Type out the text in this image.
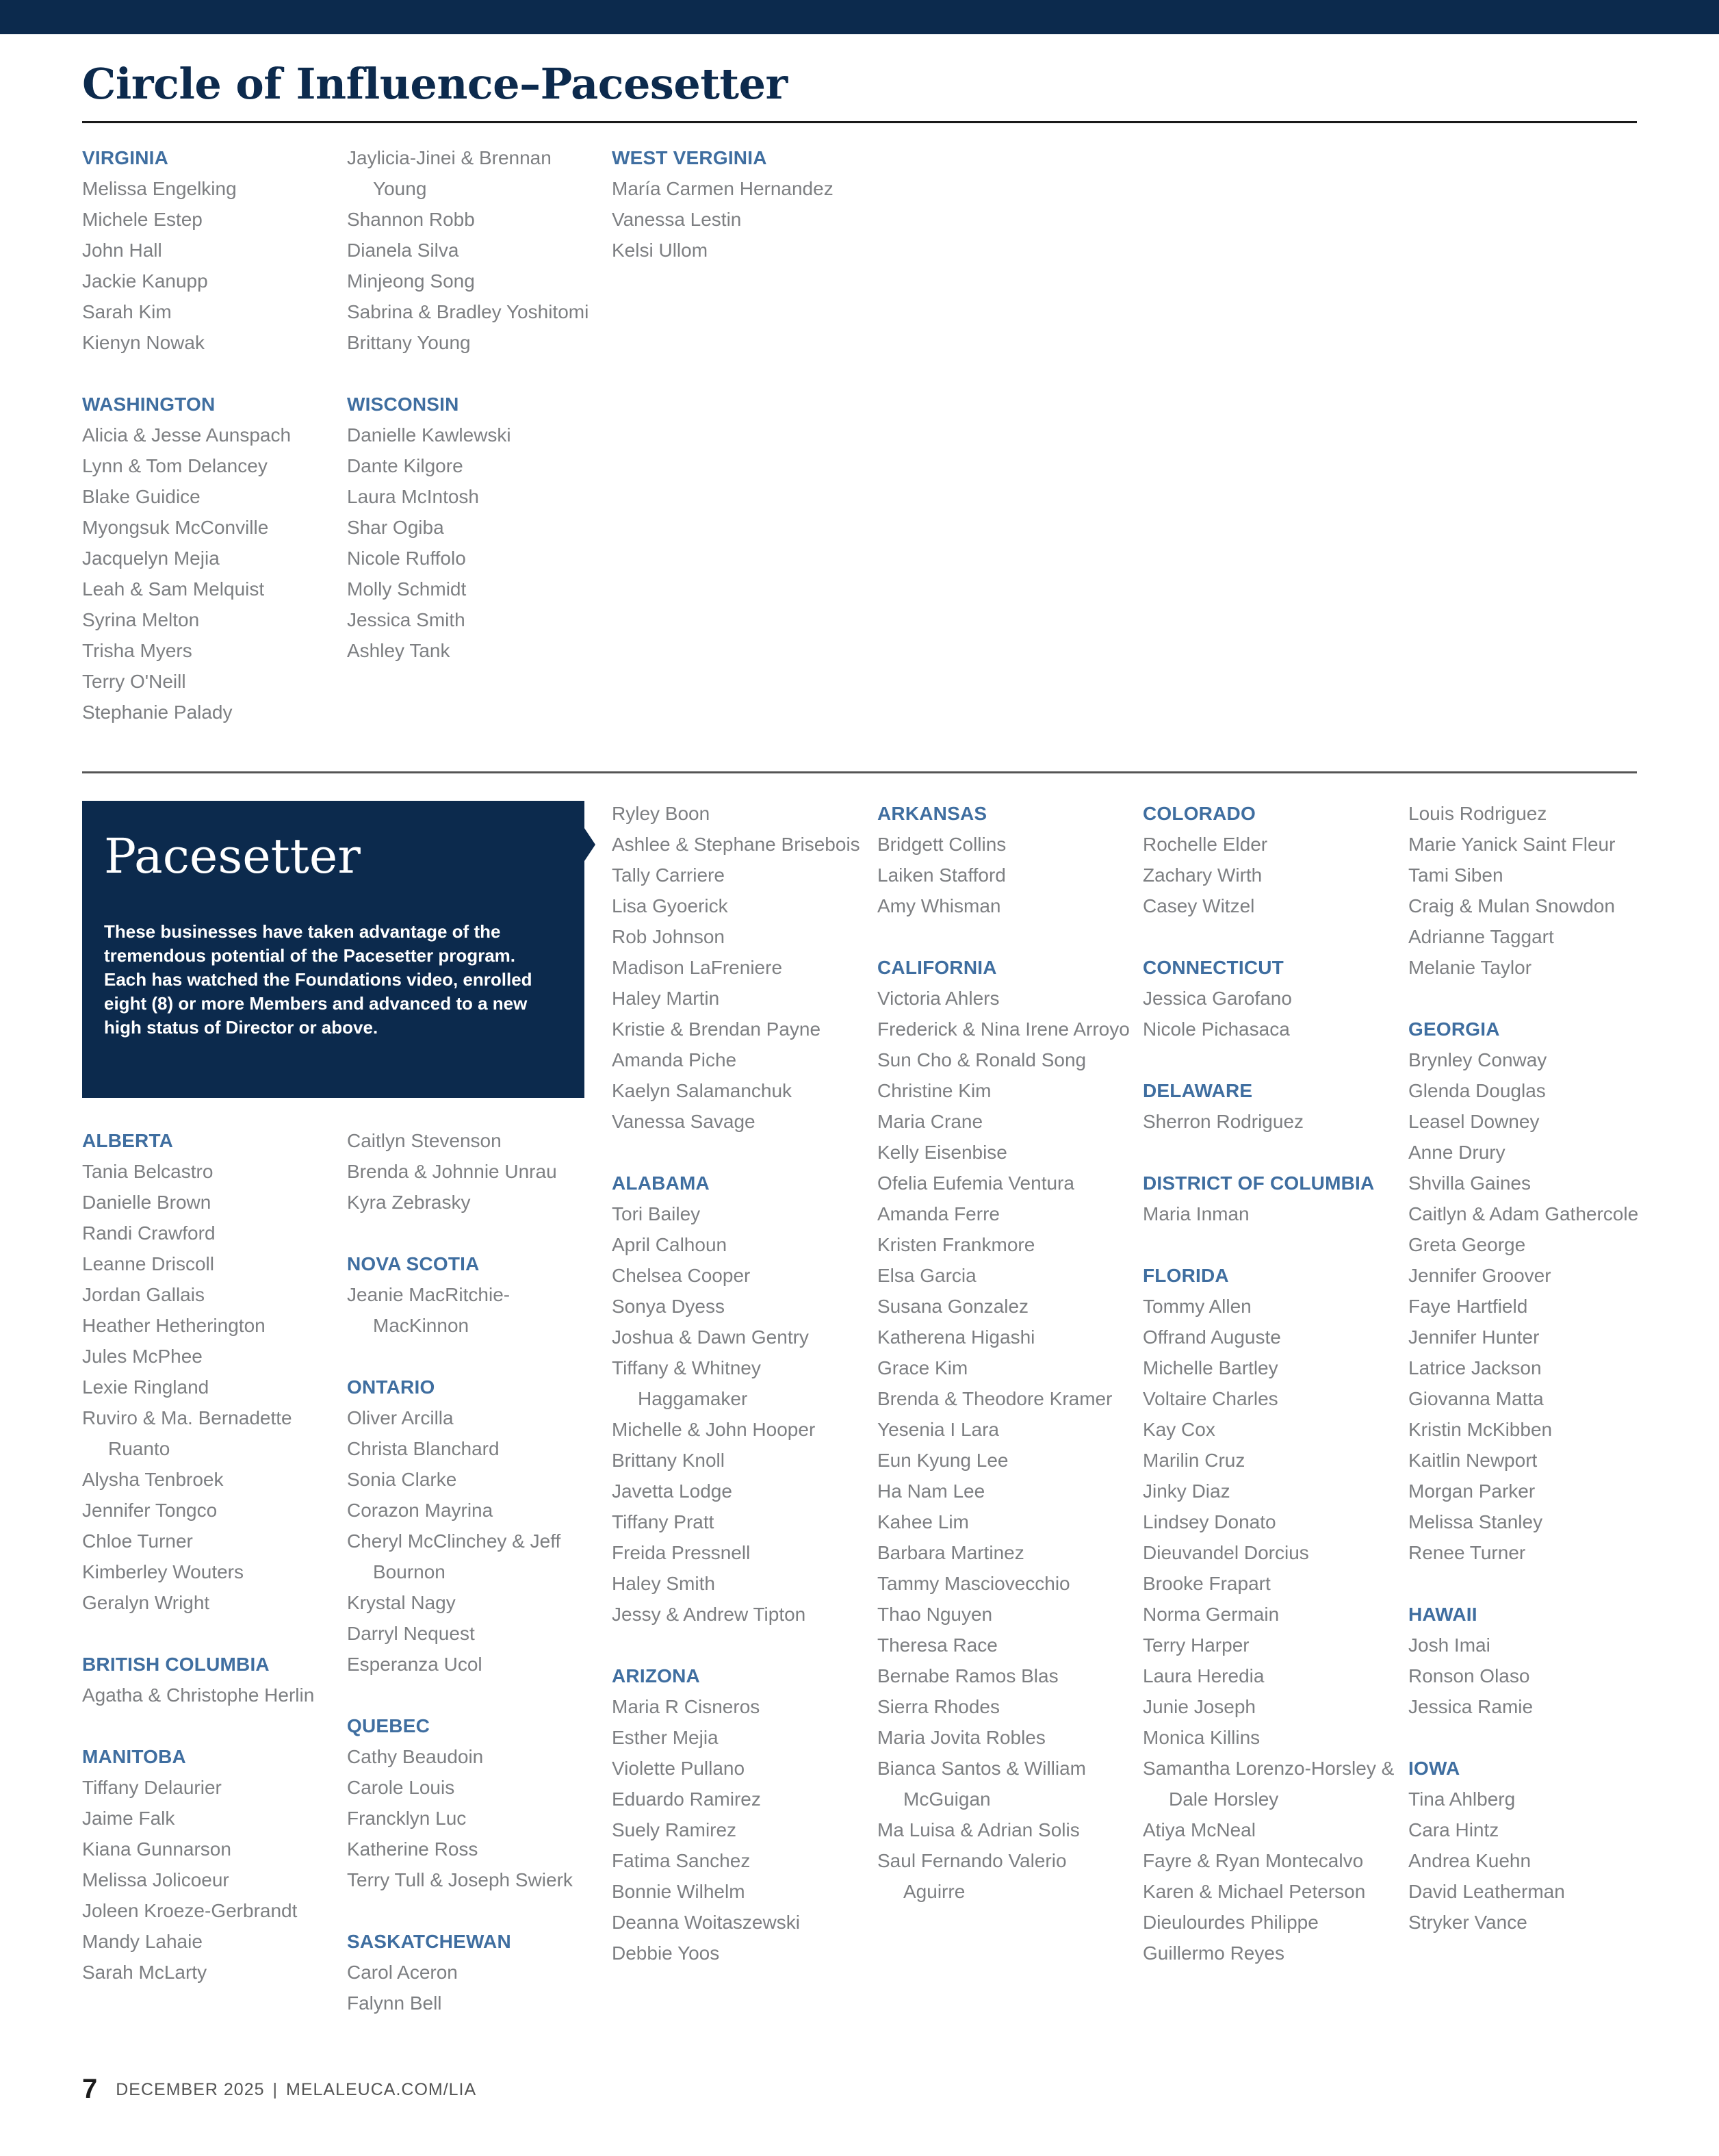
Circle of Influence–Pacesetter
VIRGINIA
Melissa Engelking
Michele Estep
John Hall
Jackie Kanupp
Sarah Kim
Kienyn Nowak
WASHINGTON
Alicia & Jesse Aunspach
Lynn & Tom Delancey
Blake Guidice
Myongsuk McConville
Jacquelyn Mejia
Leah & Sam Melquist
Syrina Melton
Trisha Myers
Terry O'Neill
Stephanie Palady
Jaylicia-Jinei & Brennan Young
Shannon Robb
Dianela Silva
Minjeong Song
Sabrina & Bradley Yoshitomi
Brittany Young
WISCONSIN
Danielle Kawlewski
Dante Kilgore
Laura McIntosh
Shar Ogiba
Nicole Ruffolo
Molly Schmidt
Jessica Smith
Ashley Tank
WEST VERGINIA
María Carmen Hernandez
Vanessa Lestin
Kelsi Ullom
Pacesetter

These businesses have taken advantage of the tremendous potential of the Pacesetter program. Each has watched the Foundations video, enrolled eight (8) or more Members and advanced to a new high status of Director or above.

ALBERTA
Tania Belcastro
Danielle Brown
Randi Crawford
Leanne Driscoll
Jordan Gallais
Heather Hetherington
Jules McPhee
Lexie Ringland
Ruviro & Ma. Bernadette Ruanto
Alysha Tenbroek
Jennifer Tongco
Chloe Turner
Kimberley Wouters
Geralyn Wright
BRITISH COLUMBIA
Agatha & Christophe Herlin
MANITOBA
Tiffany Delaurier
Jaime Falk
Kiana Gunnarson
Melissa Jolicoeur
Joleen Kroeze-Gerbrandt
Mandy Lahaie
Sarah McLarty
Caitlyn Stevenson
Brenda & Johnnie Unrau
Kyra Zebrasky
NOVA SCOTIA
Jeanie MacRitchie-MacKinnon
ONTARIO
Oliver Arcilla
Christa Blanchard
Sonia Clarke
Corazon Mayrina
Cheryl McClinchey & Jeff Bournon
Krystal Nagy
Darryl Nequest
Esperanza Ucol
QUEBEC
Cathy Beaudoin
Carole Louis
Francklyn Luc
Katherine Ross
Terry Tull & Joseph Swierk
SASKATCHEWAN
Carol Aceron
Falynn Bell
Ryley Boon
Ashlee & Stephane Brisebois
Tally Carriere
Lisa Gyoerick
Rob Johnson
Madison LaFreniere
Haley Martin
Kristie & Brendan Payne
Amanda Piche
Kaelyn Salamanchuk
Vanessa Savage
ALABAMA
Tori Bailey
April Calhoun
Chelsea Cooper
Sonya Dyess
Joshua & Dawn Gentry
Tiffany & Whitney Haggamaker
Michelle & John Hooper
Brittany Knoll
Javetta Lodge
Tiffany Pratt
Freida Pressnell
Haley Smith
Jessy & Andrew Tipton
ARIZONA
Maria R Cisneros
Esther Mejia
Violette Pullano
Eduardo Ramirez
Suely Ramirez
Fatima Sanchez
Bonnie Wilhelm
Deanna Woitaszewski
Debbie Yoos
ARKANSAS
Bridgett Collins
Laiken Stafford
Amy Whisman
CALIFORNIA
Victoria Ahlers
Frederick & Nina Irene Arroyo
Sun Cho & Ronald Song
Christine Kim
Maria Crane
Kelly Eisenbise
Ofelia Eufemia Ventura
Amanda Ferre
Kristen Frankmore
Elsa Garcia
Susana Gonzalez
Katherena Higashi
Grace Kim
Brenda & Theodore Kramer
Yesenia I Lara
Eun Kyung Lee
Ha Nam Lee
Kahee Lim
Barbara Martinez
Tammy Masciovecchio
Thao Nguyen
Theresa Race
Bernabe Ramos Blas
Sierra Rhodes
Maria Jovita Robles
Bianca Santos & William McGuigan
Ma Luisa & Adrian Solis
Saul Fernando Valerio Aguirre
COLORADO
Rochelle Elder
Zachary Wirth
Casey Witzel
CONNECTICUT
Jessica Garofano
Nicole Pichasaca
DELAWARE
Sherron Rodriguez
DISTRICT OF COLUMBIA
Maria Inman
FLORIDA
Tommy Allen
Offrand Auguste
Michelle Bartley
Voltaire Charles
Kay Cox
Marilin Cruz
Jinky Diaz
Lindsey Donato
Dieuvandel Dorcius
Brooke Frapart
Norma Germain
Terry Harper
Laura Heredia
Junie Joseph
Monica Killins
Samantha Lorenzo-Horsley & Dale Horsley
Atiya McNeal
Fayre & Ryan Montecalvo
Karen & Michael Peterson
Dieulourdes Philippe
Guillermo Reyes
Louis Rodriguez
Marie Yanick Saint Fleur
Tami Siben
Craig & Mulan Snowdon
Adrianne Taggart
Melanie Taylor
GEORGIA
Brynley Conway
Glenda Douglas
Leasel Downey
Anne Drury
Shvilla Gaines
Caitlyn & Adam Gathercole
Greta George
Jennifer Groover
Faye Hartfield
Jennifer Hunter
Latrice Jackson
Giovanna Matta
Kristin McKibben
Kaitlin Newport
Morgan Parker
Melissa Stanley
Renee Turner
HAWAII
Josh Imai
Ronson Olaso
Jessica Ramie
IOWA
Tina Ahlberg
Cara Hintz
Andrea Kuehn
David Leatherman
Stryker Vance
7 DECEMBER 2025 | MELALEUCA.COM/LIA
